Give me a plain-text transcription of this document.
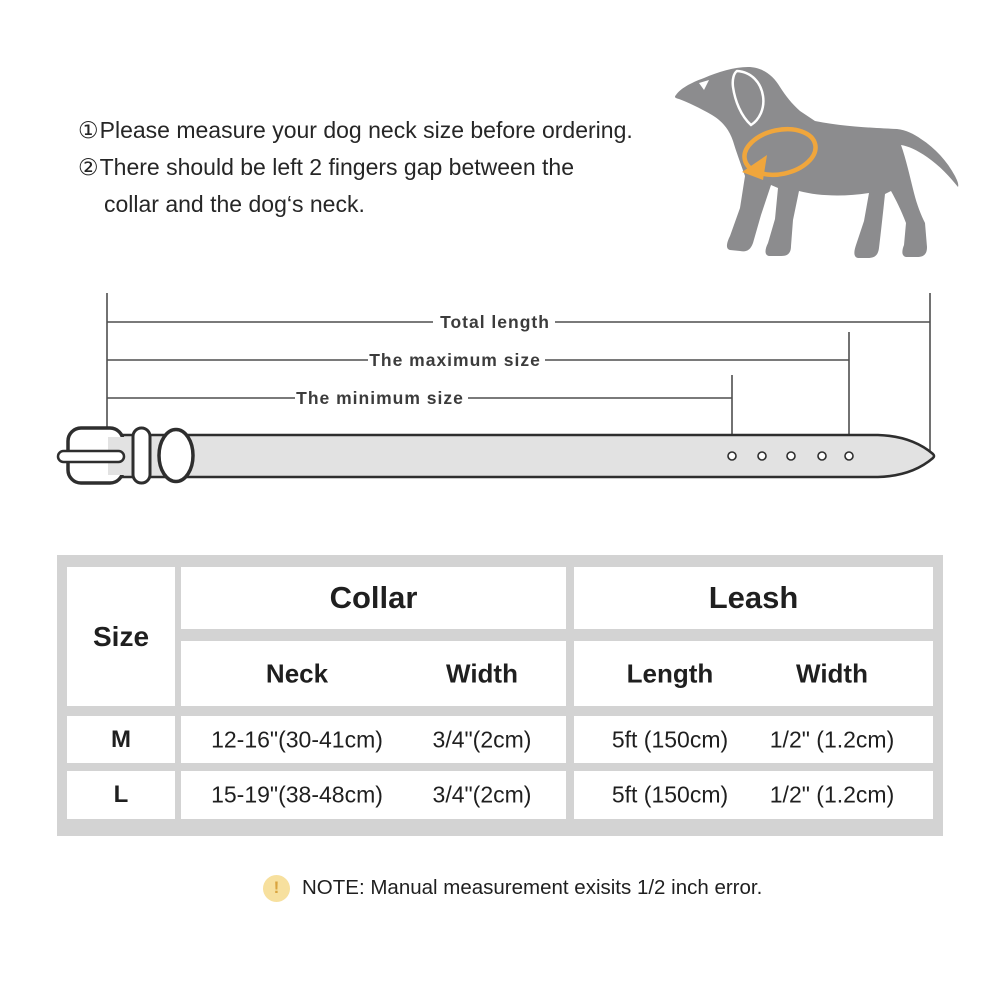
①Please measure your dog neck size before ordering.
②There should be left 2 fingers gap between the
collar and the dog‘s neck.
Total length
The maximum size
The minimum size
Size
Collar	Leash
Neck	Width	Length	Width
M	12-16"(30-41cm) 3/4"(2cm)	5ft (150cm) 1/2" (1.2cm)
L	15-19"(38-48cm) 3/4"(2cm)	5ft (150cm) 1/2" (1.2cm)
!	NOTE: Manual measurement exisits 1/2 inch error.
